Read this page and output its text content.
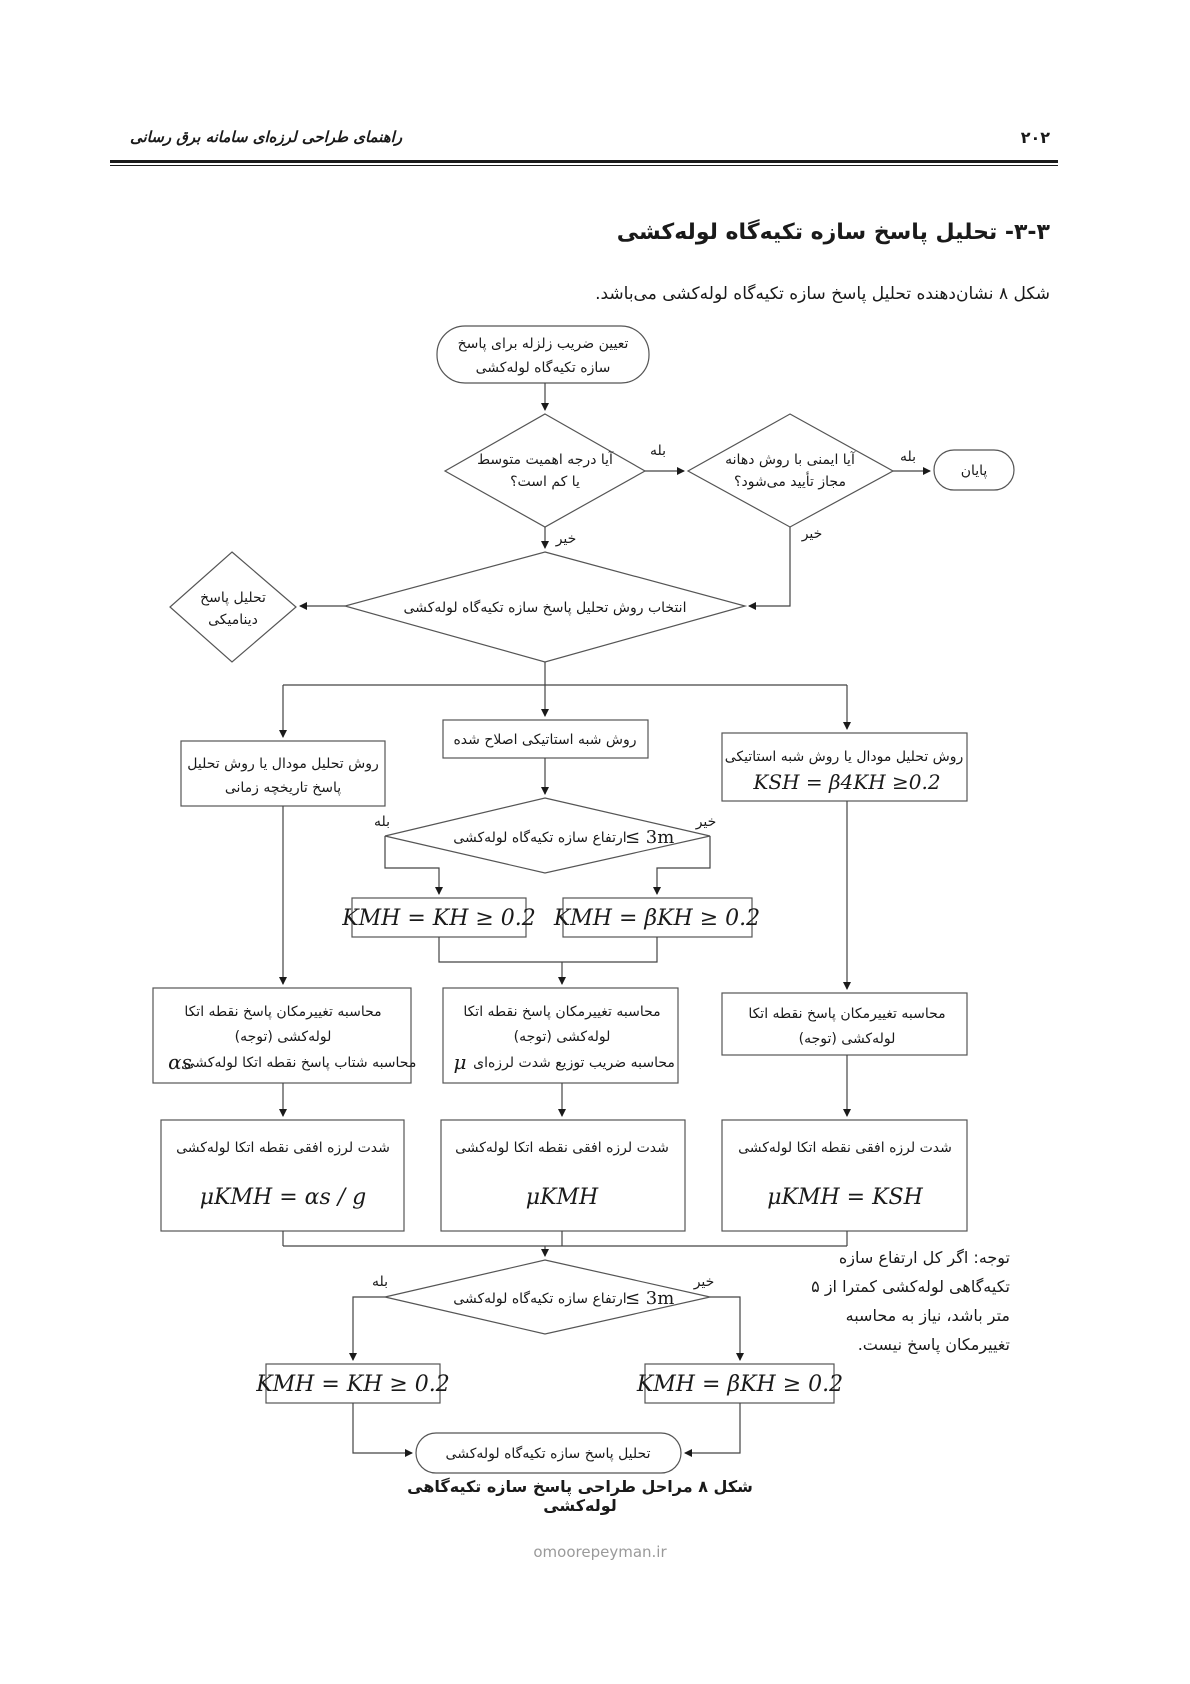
راهنمای طراحی لرزه‌ای سامانه برق رسانی	۲۰۲
۳-۳- تحلیل پاسخ سازه تکیه‌گاه لوله‌کشی
شکل ۸ نشان‌دهنده تحلیل پاسخ سازه تکیه‌گاه لوله‌کشی می‌باشد.
تعیین ضریب زلزله برای پاسخ
سازه تکیه‌گاه لوله‌کشی
آیا درجه اهمیت متوسط
یا کم است؟
بله
خیر
آیا ایمنی با روش دهانه
مجاز تأیید می‌شود؟
بله
خیر
پایان
انتخاب روش تحلیل پاسخ سازه تکیه‌گاه لوله‌کشی
تحلیل پاسخ
دینامیکی
روش تحلیل مودال یا روش تحلیل
پاسخ تاریخچه زمانی
روش شبه استاتیکی اصلاح شده
روش تحلیل مودال یا روش شبه استاتیکی
KSH = β4KH ≥0.2
ارتفاع سازه تکیه‌گاه لوله‌کشی
≤ 3m
بله	خیر
KMH = KH ≥ 0.2 KMH = βKH ≥ 0.2
محاسبه تغییرمکان پاسخ نقطه اتکا
لوله‌کشی (توجه)
محاسبه شتاب پاسخ نقطه اتکا لوله‌کشی
αs
محاسبه تغییرمکان پاسخ نقطه اتکا
لوله‌کشی (توجه)
محاسبه ضریب توزیع شدت لرزه‌ای
μ
محاسبه تغییرمکان پاسخ نقطه اتکا
لوله‌کشی (توجه)
شدت لرزه افقی نقطه اتکا لوله‌کشی
μKMH = αs / g
شدت لرزه افقی نقطه اتکا لوله‌کشی
μKMH
شدت لرزه افقی نقطه اتکا لوله‌کشی
μKMH = KSH
ارتفاع سازه تکیه‌گاه لوله‌کشی
≤ 3m
بله	خیر
KMH = KH ≥ 0.2	KMH = βKH ≥ 0.2
تحلیل پاسخ سازه تکیه‌گاه لوله‌کشی
توجه: اگر کل ارتفاع سازه تکیه‌گاهی لوله‌کشی کمترا از ۵ متر باشد، نیاز به محاسبه تغییرمکان پاسخ نیست.
شکل ۸ مراحل طراحی پاسخ سازه تکیه‌گاهی لوله‌کشی
omoorepeyman.ir
